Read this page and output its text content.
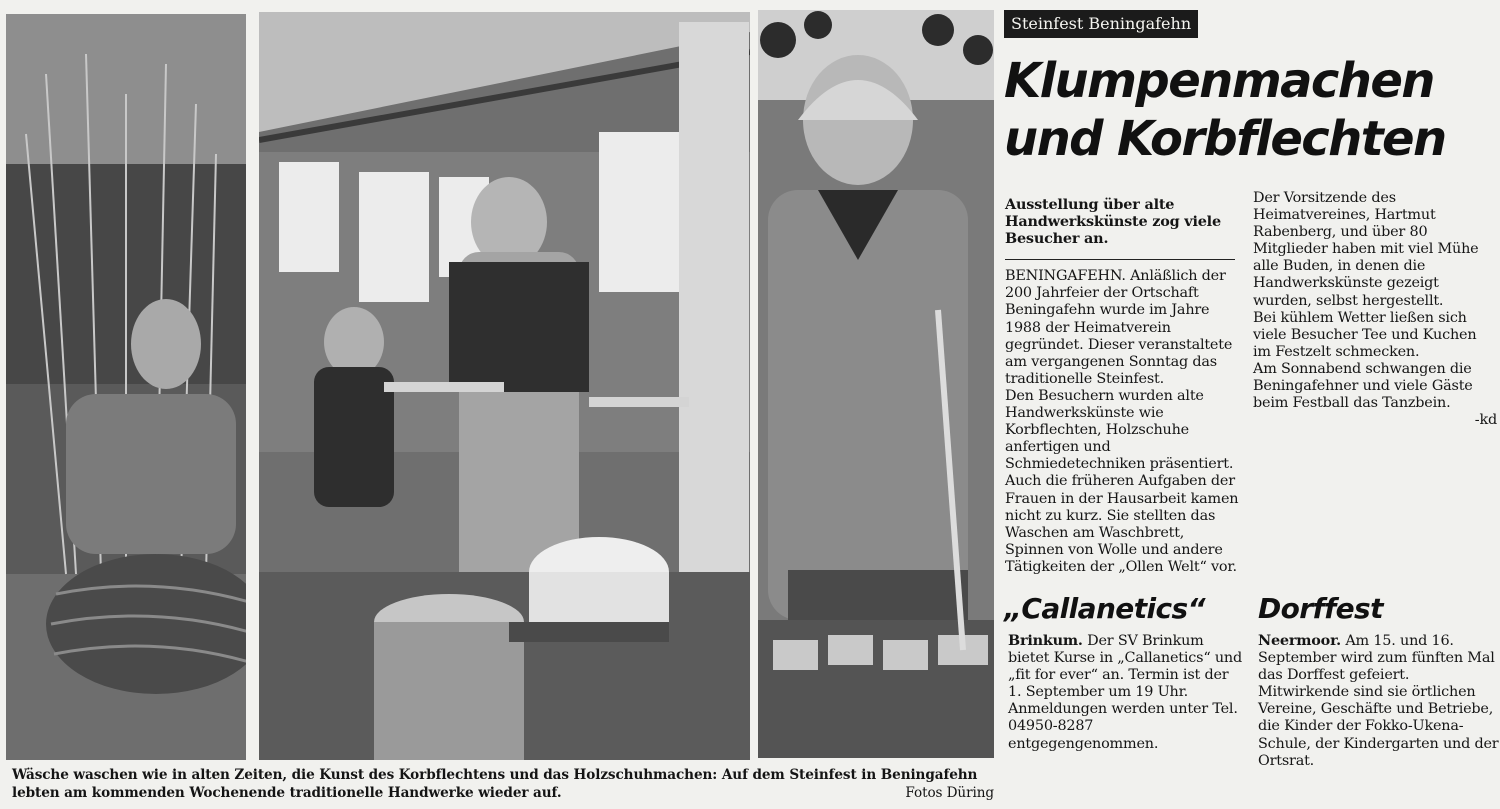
Wäsche waschen wie in alten Zeiten, die Kunst des Korbflechtens und das Holzschuhmachen: Auf dem Steinfest in Beningafehn lebten am kommenden Wochenende traditionelle Handwerke wieder auf.	Fotos Düring
Steinfest Beningafehn
Klumpenmachen und Korbflechten
Ausstellung über alte Handwerkskünste zog viele Besucher an.

BENINGAFEHN. Anläßlich der 200 Jahrfeier der Ortschaft Beningafehn wurde im Jahre 1988 der Heimatverein gegründet. Dieser veranstaltete am vergangenen Sonntag das traditionelle Steinfest.

Den Besuchern wurden alte Handwerkskünste wie Korbflechten, Holzschuhe anfertigen und Schmiedetechniken präsentiert. Auch die früheren Aufgaben der Frauen in der Hausarbeit kamen nicht zu kurz. Sie stellten das Waschen am Waschbrett, Spinnen von Wolle und andere Tätigkeiten der „Ollen Welt“ vor.

Der Vorsitzende des Heimatvereines, Hartmut Rabenberg, und über 80 Mitglieder haben mit viel Mühe alle Buden, in denen die Handwerkskünste gezeigt wurden, selbst hergestellt.

Bei kühlem Wetter ließen sich viele Besucher Tee und Kuchen im Festzelt schmecken.

Am Sonnabend schwangen die Beningafehner und viele Gäste beim Festball das Tanzbein.

-kd

„Callanetics“ Dorffest
Brinkum. Der SV Brinkum bietet Kurse in „Callanetics“ und „fit for ever“ an. Termin ist der 1. September um 19 Uhr. Anmeldungen werden unter Tel. 04950-8287 entgegengenommen.
Neermoor. Am 15. und 16. September wird zum fünften Mal das Dorffest gefeiert. Mitwirkende sind sie örtlichen Vereine, Geschäfte und Betriebe, die Kinder der Fokko-Ukena-Schule, der Kindergarten und der Ortsrat.
